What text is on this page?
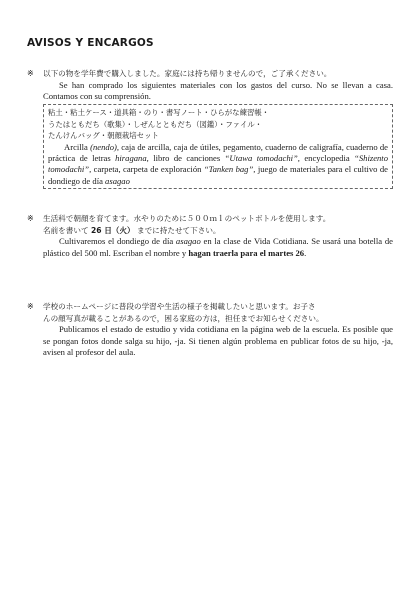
AVISOS Y ENCARGOS
※	以下の物を学年費で購入しました。家庭には持ち帰りませんので，ご了承ください。
Se han comprado los siguientes materiales con los gastos del curso. No se llevan a casa. Contamos con su comprensión.
粘土・粘土ケース・道具箱・のり・書写ノート・ひらがな練習帳・
うたはともだち（歌集）・しぜんとともだち（図鑑）・ファイル・
たんけんバッグ・朝顔栽培セット
Arcilla (nendo), caja de arcilla, caja de útiles, pegamento, cuaderno de caligrafía, cuaderno de práctica de letras hiragana, libro de canciones “Utawa tomodachi”, encyclopedia “Shizento tomodachi”, carpeta, carpeta de exploración “Tanken bag”, juego de materiales para el cultivo de dondiego de día asagao
※	生活科で朝顔を育てます。水やりのために５００ｍｌのペットボトルを使用します。
名前を書いて 26 日（火） までに持たせて下さい。
Cultivaremos el dondiego de día asagao en la clase de Vida Cotidiana. Se usará una botella de plástico del 500 ml. Escriban el nombre y hagan traerla para el martes 26.
※	学校のホームページに普段の学習や生活の様子を掲載したいと思います。お子さ
んの顔写真が載ることがあるので，困る家庭の方は，担任までお知らせください。
Publicamos el estado de estudio y vida cotidiana en la página web de la escuela. Es posible que se pongan fotos donde salga su hijo, -ja. Si tienen algún problema en publicar fotos de su hijo, -ja, avisen al profesor del aula.
